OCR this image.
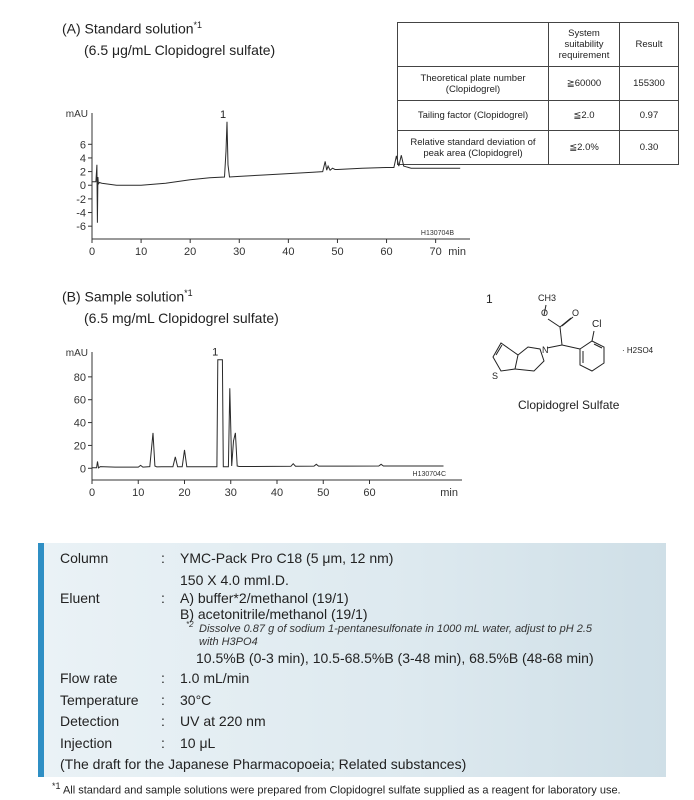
(A) Standard solution$^{*1}$
(6.5 μg/mL Clopidogrel sulfate)
	System suitability requirement	Result
Theoretical plate number (Clopidogrel)	≧60000	155300
Tailing factor (Clopidogrel)	≦2.0	0.97
Relative standard deviation of peak area (Clopidogrel)	≦2.0%	0.30
6
4
2
0
-2
-4
-6
mAU
0	10	20	30	40	50	60	70 min
1
H130704B
(B) Sample solution$^{*1}$
(6.5 mg/mL Clopidogrel sulfate)
80
60
40
20
0
mAU
0	10	20	30	40	50	60	min
1
H130704C
1
O	O
CH3
N
S
Cl
· H2SO4
Clopidogrel Sulfate
Column	: YMC-Pack Pro C18 (5 μm, 12 nm)
150 X 4.0 mmI.D.
Eluent	: A) buffer*2/methanol (19/1)
B) acetonitrile/methanol (19/1)
*2 Dissolve 0.87 g of sodium 1-pentanesulfonate in 1000 mL water, adjust to pH 2.5
with H3PO4
10.5%B (0-3 min), 10.5-68.5%B (3-48 min), 68.5%B (48-68 min)
Flow rate	: 1.0 mL/min
Temperature : 30°C
Detection	: UV at 220 nm
Injection	: 10 μL
(The draft for the Japanese Pharmacopoeia; Related substances)
$^{*1}$ All standard and sample solutions were prepared from Clopidogrel sulfate supplied as a reagent for laboratory use.
